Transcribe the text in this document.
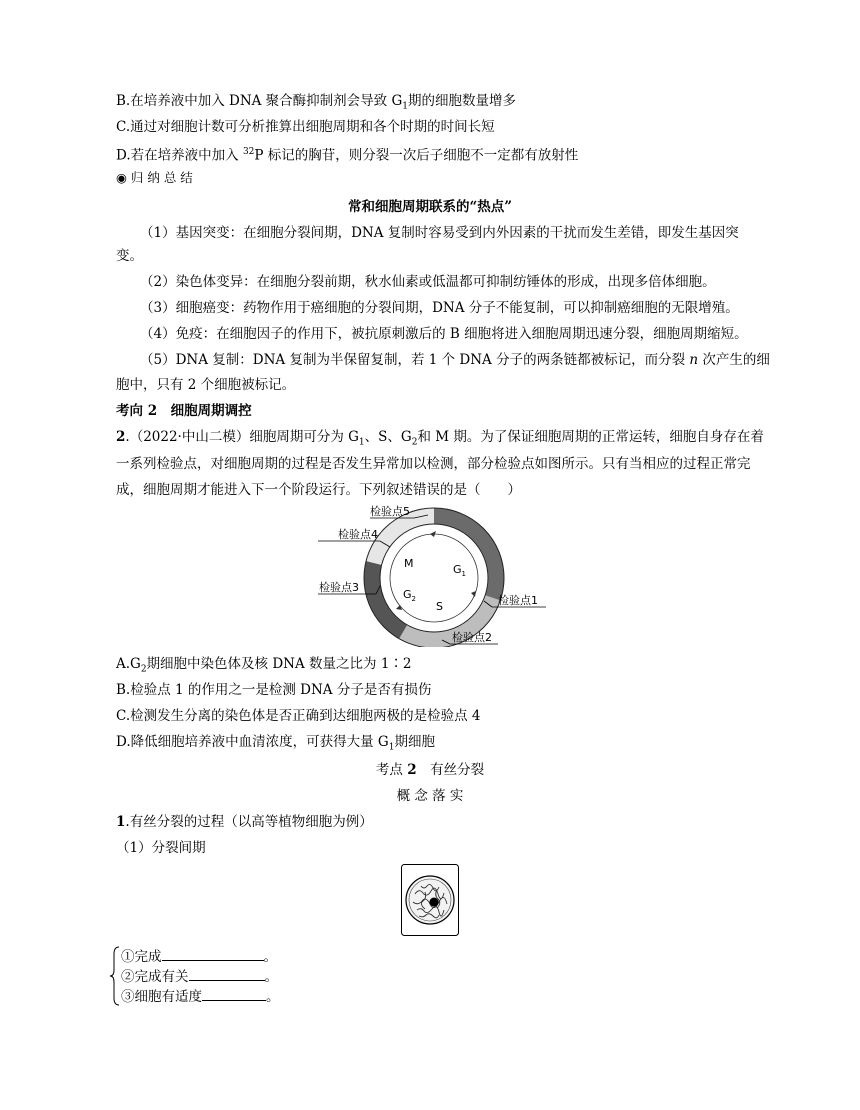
B.在培养液中加入 DNA 聚合酶抑制剂会导致 $G_1$期的细胞数量增多
C.通过对细胞计数可分析推算出细胞周期和各个时期的时间长短
D.若在培养液中加入 $^{32}$P 标记的胸苷，则分裂一次后子细胞不一定都有放射性
◉ 归 纳 总 结
常和细胞周期联系的“热点”
（1）基因突变：在细胞分裂间期，DNA 复制时容易受到内外因素的干扰而发生差错，即发生基因突
变。
（2）染色体变异：在细胞分裂前期，秋水仙素或低温都可抑制纺锤体的形成，出现多倍体细胞。
（3）细胞癌变：药物作用于癌细胞的分裂间期，DNA 分子不能复制，可以抑制癌细胞的无限增殖。
（4）免疫：在细胞因子的作用下，被抗原刺激后的 B 细胞将进入细胞周期迅速分裂，细胞周期缩短。
（5）DNA 复制：DNA 复制为半保留复制，若 1 个 DNA 分子的两条链都被标记，而分裂 n 次产生的细
胞中，只有 2 个细胞被标记。
考向 2　细胞周期调控
2.（2022·中山二模）细胞周期可分为 $G_1$、S、$G_2$和 M 期。为了保证细胞周期的正常运转，细胞自身存在着
一系列检验点，对细胞周期的过程是否发生异常加以检测，部分检验点如图所示。只有当相应的过程正常完
成，细胞周期才能进入下一个阶段运行。下列叙述错误的是（　　）
M	$G_1$
$G_2$
S
检验点5
检验点4
检验点3
检验点1
检验点2
$A.G_2$期细胞中染色体及核 DNA 数量之比为 1∶2
B.检验点 1 的作用之一是检测 DNA 分子是否有损伤
C.检测发生分离的染色体是否正确到达细胞两极的是检验点 4
D.降低细胞培养液中血清浓度，可获得大量 $G_1$期细胞
考点 2　有丝分裂
概 念 落 实
1.有丝分裂的过程（以高等植物细胞为例）
（1）分裂间期
①完成	。
②完成有关	。
③细胞有适度	。
